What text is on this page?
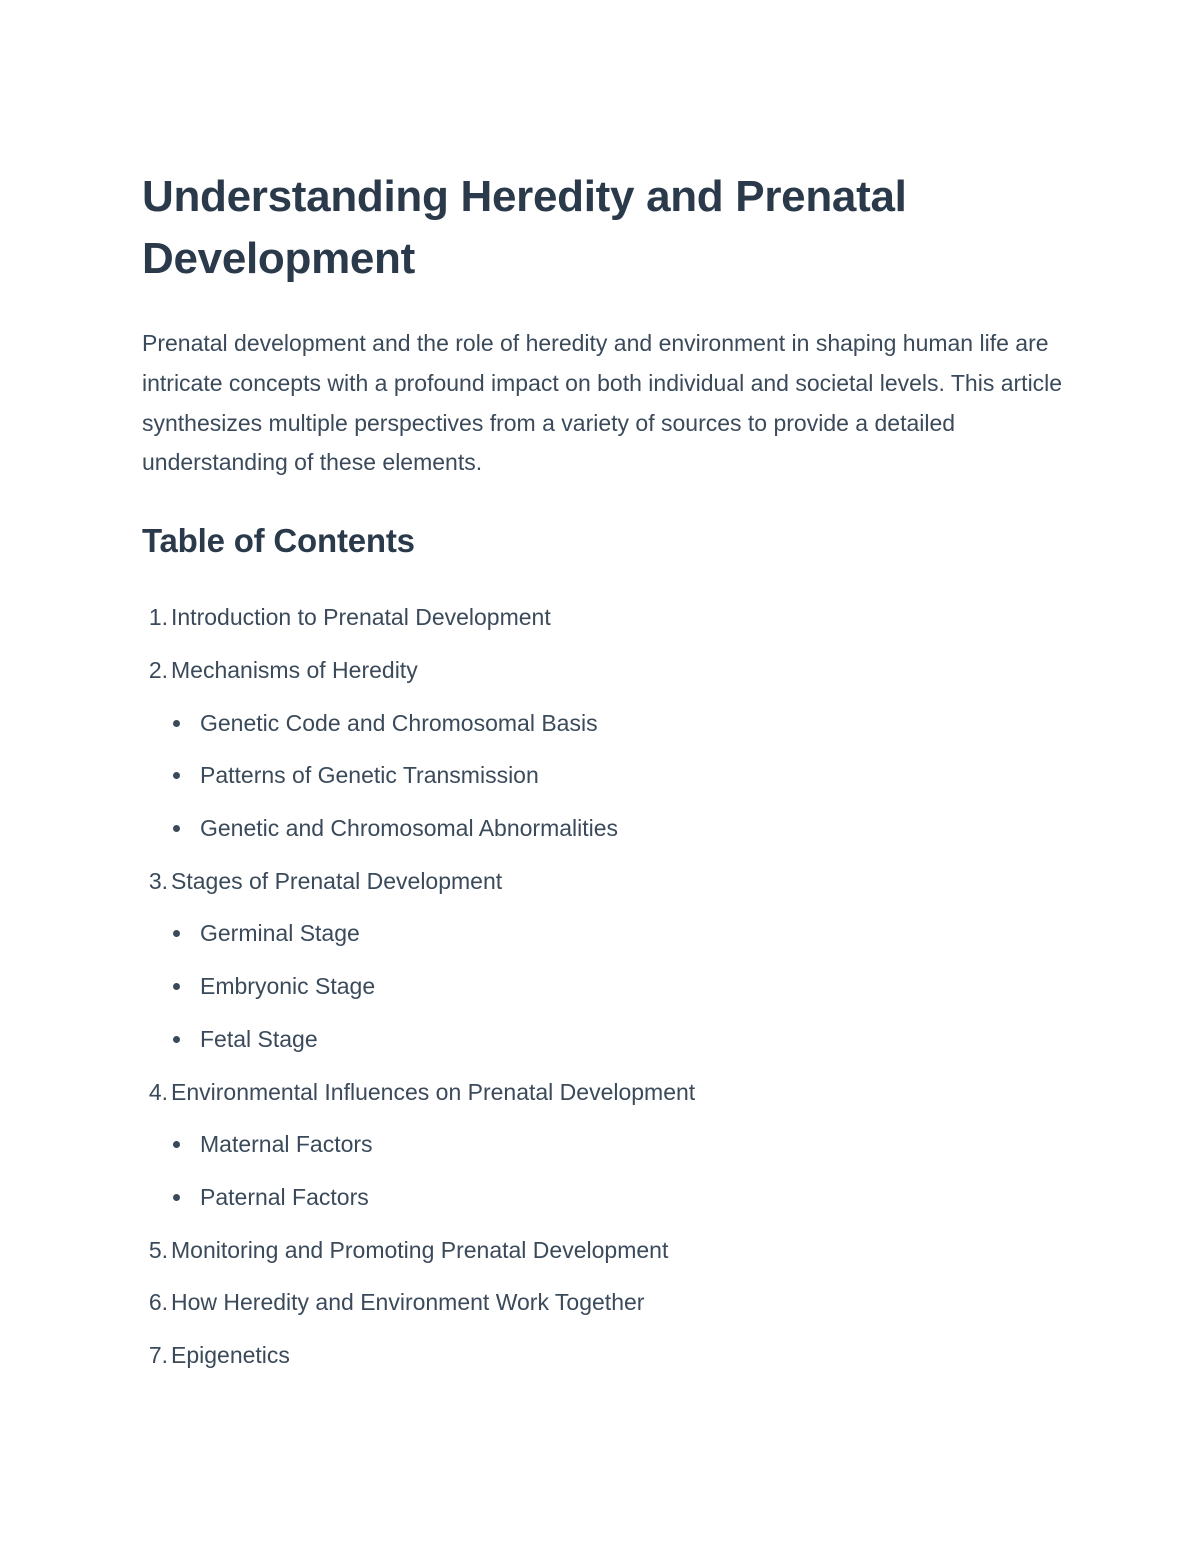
Understanding Heredity and Prenatal Development

Prenatal development and the role of heredity and environment in shaping human life are intricate concepts with a profound impact on both individual and societal levels. This article synthesizes multiple perspectives from a variety of sources to provide a detailed understanding of these elements.

Table of Contents
1. Introduction to Prenatal Development
2. Mechanisms of Heredity
Genetic Code and Chromosomal Basis
Patterns of Genetic Transmission
Genetic and Chromosomal Abnormalities
3. Stages of Prenatal Development
Germinal Stage
Embryonic Stage
Fetal Stage
4. Environmental Influences on Prenatal Development
Maternal Factors
Paternal Factors
5. Monitoring and Promoting Prenatal Development
6. How Heredity and Environment Work Together
7. Epigenetics
